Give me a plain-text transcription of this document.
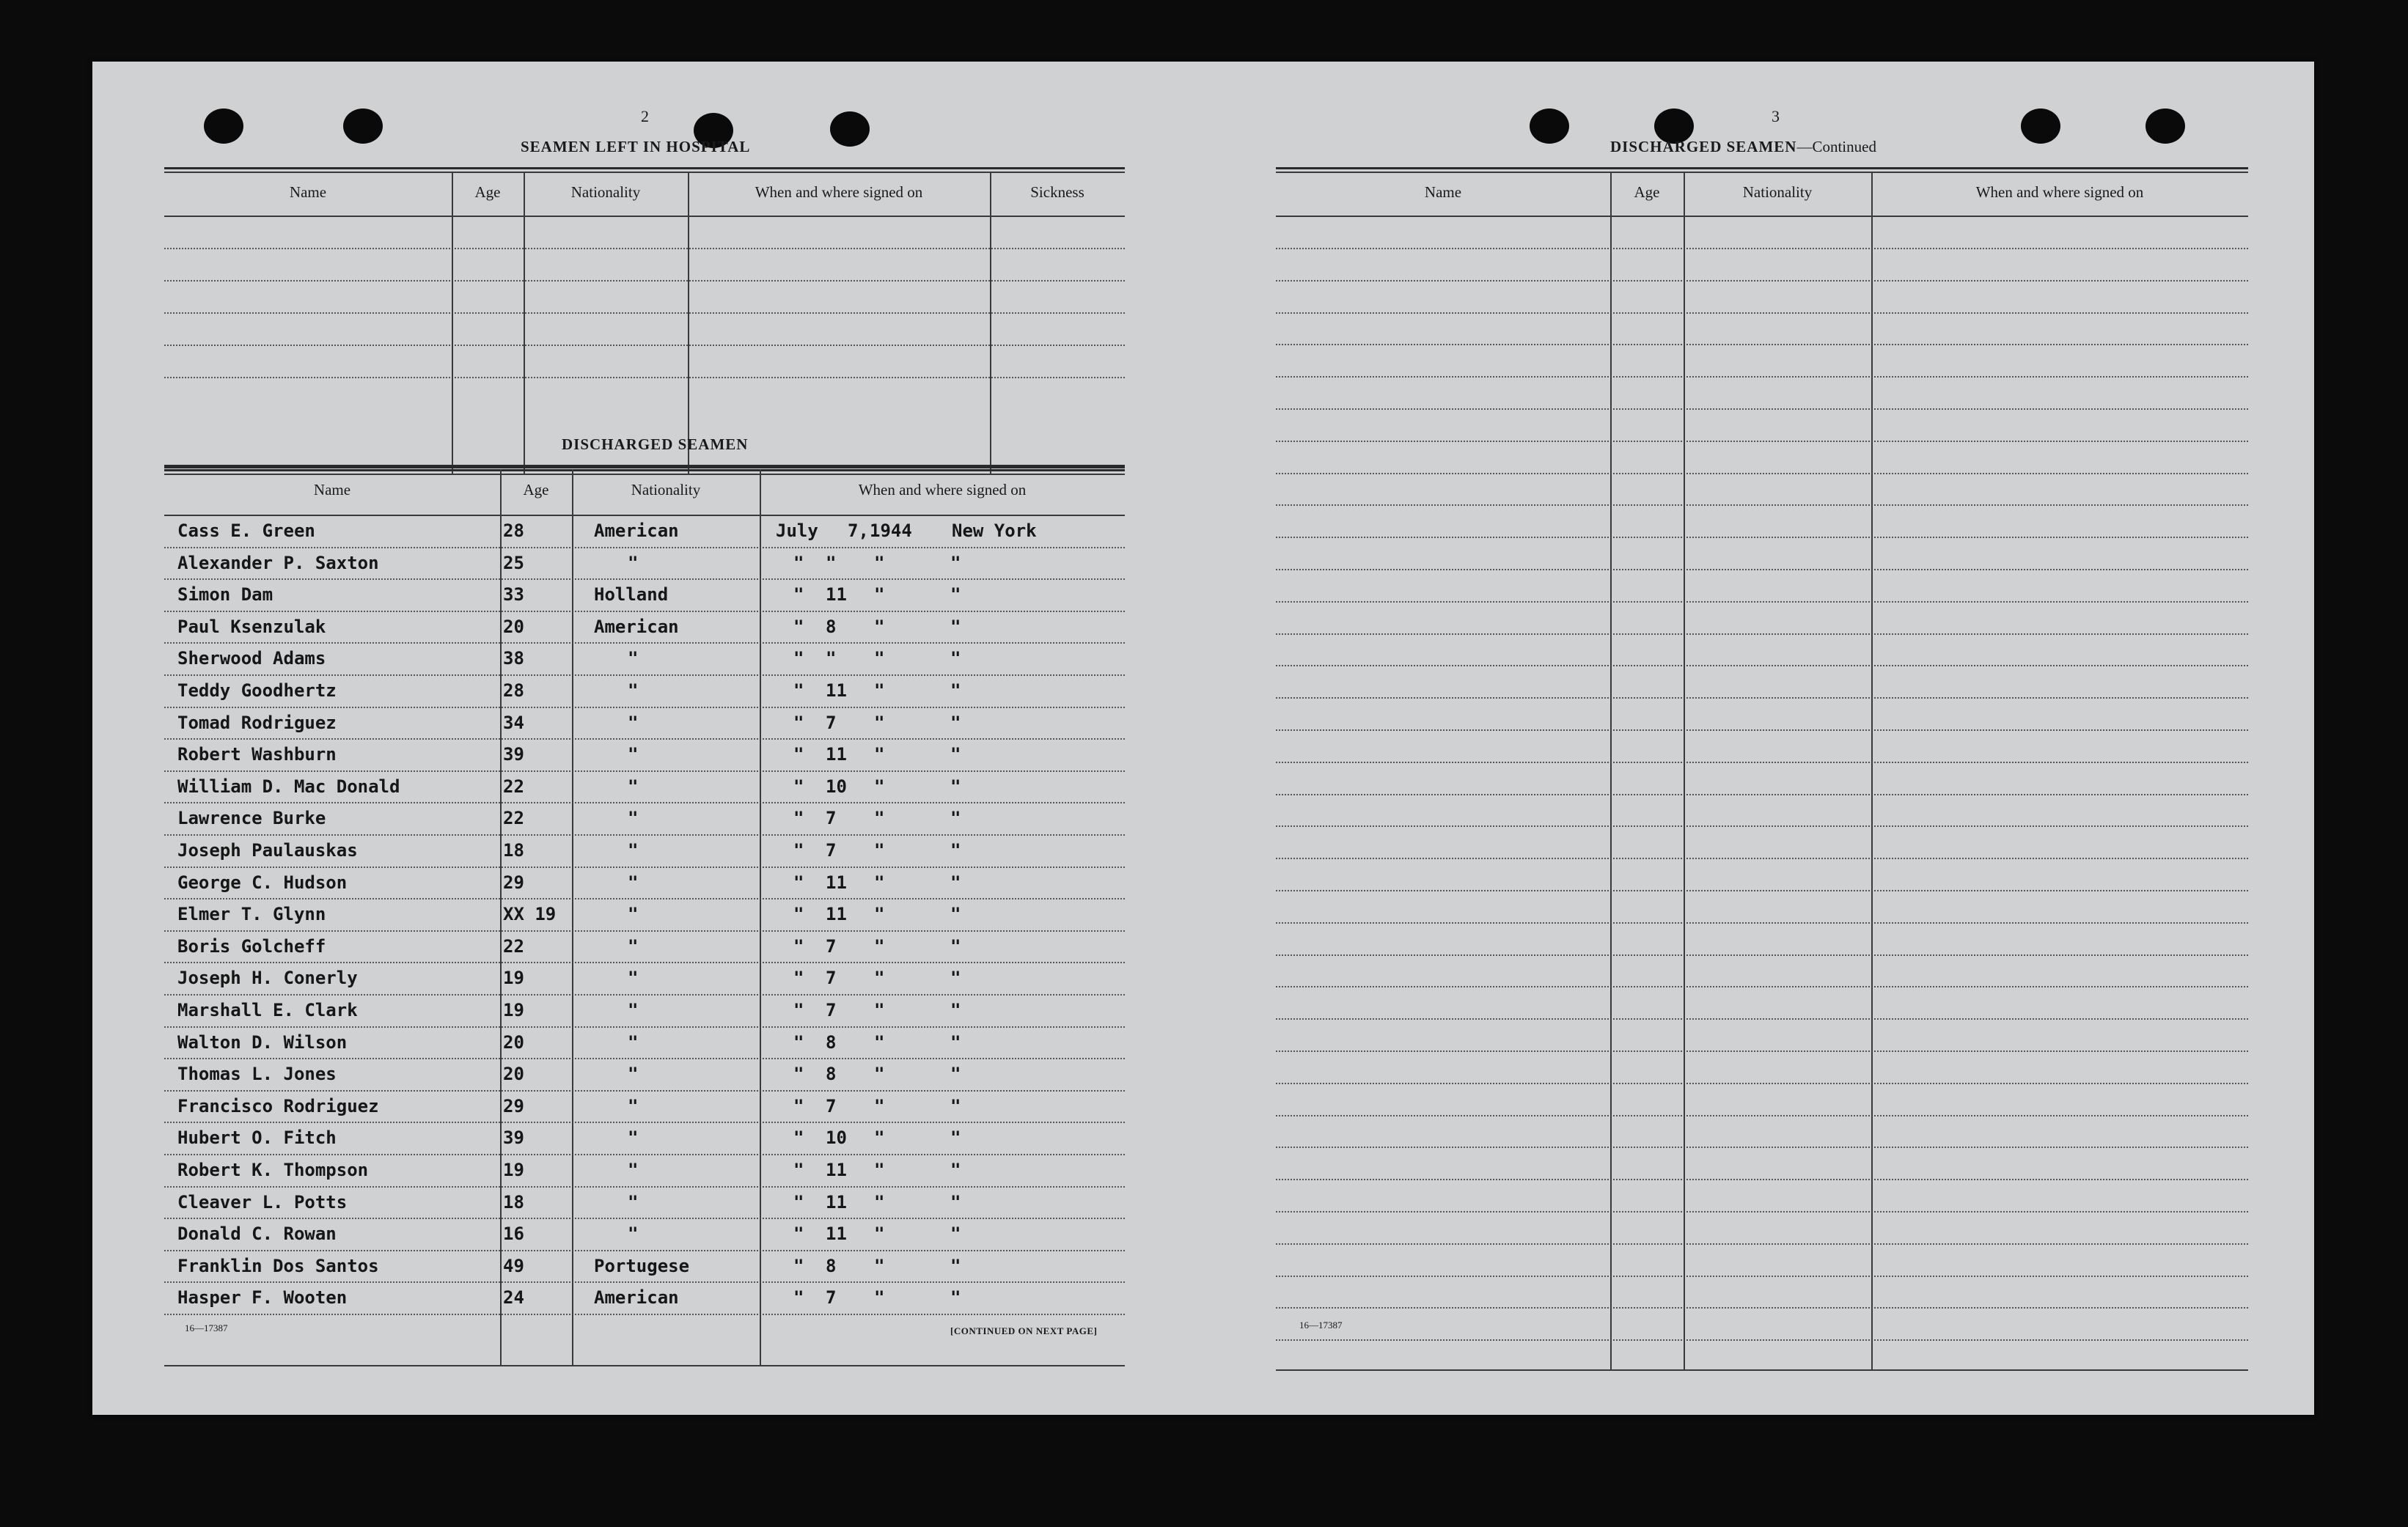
2
SEAMEN LEFT IN HOSPITAL
Name	Age	Nationality	When and where signed on	Sickness
DISCHARGED SEAMEN
Name	Age	Nationality	When and where signed on
Cass E. Green	28	American	July 7, 1944 New York
Alexander P. Saxton	25	"	" " "	"
Simon Dam	33	Holland	" 11 "	"
Paul Ksenzulak	20	American	" 8 "	"
Sherwood Adams	38	"	" " "	"
Teddy Goodhertz	28	"	" 11 "	"
Tomad Rodriguez	34	"	" 7 "	"
Robert Washburn	39	"	" 11 "	"
William D. Mac Donald	22	"	" 10 "	"
Lawrence Burke	22	"	" 7 "	"
Joseph Paulauskas	18	"	" 7 "	"
George C. Hudson	29	"	" 11 "	"
Elmer T. Glynn	XX 19	"	" 11 "	"
Boris Golcheff	22	"	" 7 "	"
Joseph H. Conerly	19	"	" 7 "	"
Marshall E. Clark	19	"	" 7 "	"
Walton D. Wilson	20	"	" 8 "	"
Thomas L. Jones	20	"	" 8 "	"
Francisco Rodriguez	29	"	" 7 "	"
Hubert O. Fitch	39	"	" 10 "	"
Robert K. Thompson	19	"	" 11 "	"
Cleaver L. Potts	18	"	" 11 "	"
Donald C. Rowan	16	"	" 11 "	"
Franklin Dos Santos	49	Portugese	" 8 "	"
Hasper F. Wooten	24	American	" 7 "	"
16—17387	[CONTINUED ON NEXT PAGE]
3
DISCHARGED SEAMEN—Continued
Name	Age	Nationality	When and where signed on
16—17387
